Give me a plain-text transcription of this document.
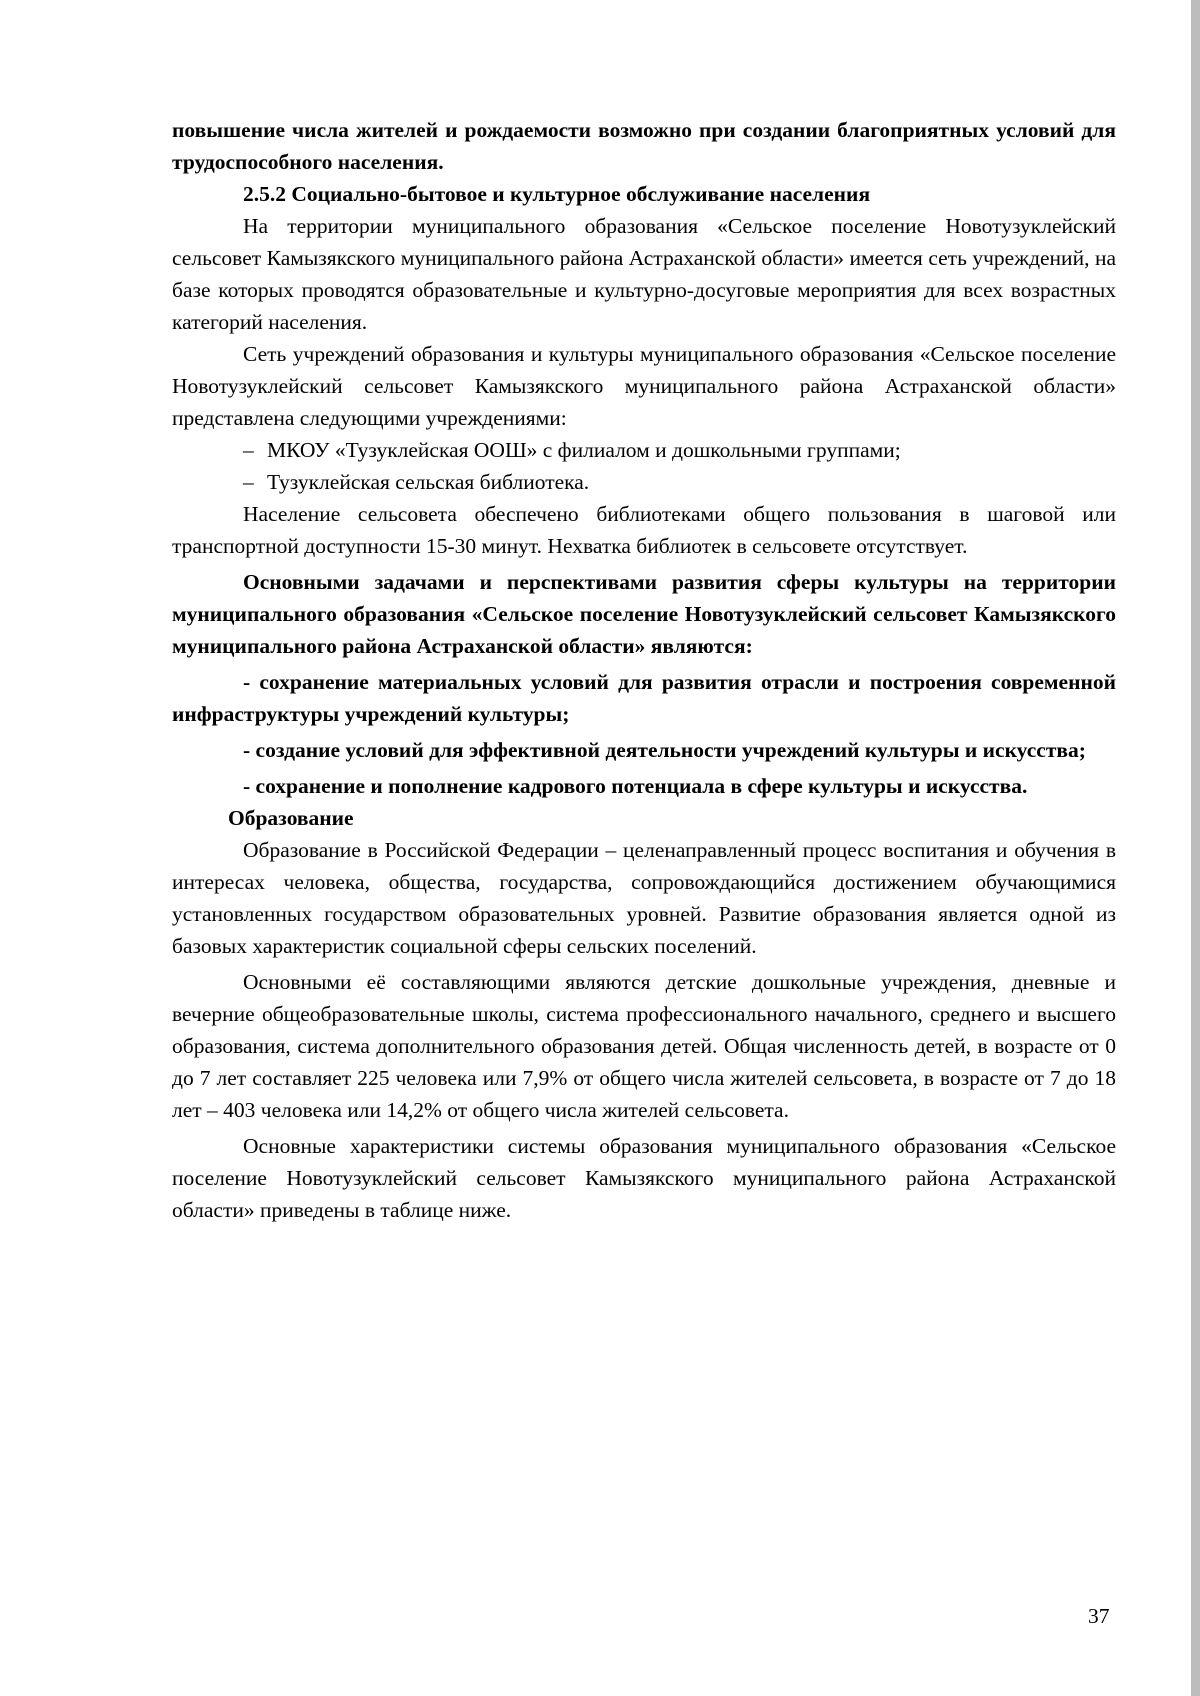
повышение числа жителей и рождаемости возможно при создании благоприятных условий для трудоспособного населения.

2.5.2 Социально-бытовое и культурное обслуживание населения

На территории муниципального образования «Сельское поселение Новотузуклейский сельсовет Камызякского муниципального района Астраханской области» имеется сеть учреждений, на базе которых проводятся образовательные и культурно-досуговые мероприятия для всех возрастных категорий населения.

Сеть учреждений образования и культуры муниципального образования «Сельское поселение Новотузуклейский сельсовет Камызякского муниципального района Астраханской области» представлена следующими учреждениями:

– МКОУ «Тузуклейская ООШ» с филиалом и дошкольными группами;

– Тузуклейская сельская библиотека.

Население сельсовета обеспечено библиотеками общего пользования в шаговой или транспортной доступности 15-30 минут. Нехватка библиотек в сельсовете отсутствует.

Основными задачами и перспективами развития сферы культуры на территории муниципального образования «Сельское поселение Новотузуклейский сельсовет Камызякского муниципального района Астраханской области» являются:

- сохранение материальных условий для развития отрасли и построения современной инфраструктуры учреждений культуры;

- создание условий для эффективной деятельности учреждений культуры и искусства;

- сохранение и пополнение кадрового потенциала в сфере культуры и искусства.

Образование

Образование в Российской Федерации – целенаправленный процесс воспитания и обучения в интересах человека, общества, государства, сопровождающийся достижением обучающимися установленных государством образовательных уровней. Развитие образования является одной из базовых характеристик социальной сферы сельских поселений.

Основными её составляющими являются детские дошкольные учреждения, дневные и вечерние общеобразовательные школы, система профессионального начального, среднего и высшего образования, система дополнительного образования детей. Общая численность детей, в возрасте от 0 до 7 лет составляет 225 человека или 7,9% от общего числа жителей сельсовета, в возрасте от 7 до 18 лет – 403 человека или 14,2% от общего числа жителей сельсовета.

Основные характеристики системы образования муниципального образования «Сельское поселение Новотузуклейский сельсовет Камызякского муниципального района Астраханской области» приведены в таблице ниже.

37
